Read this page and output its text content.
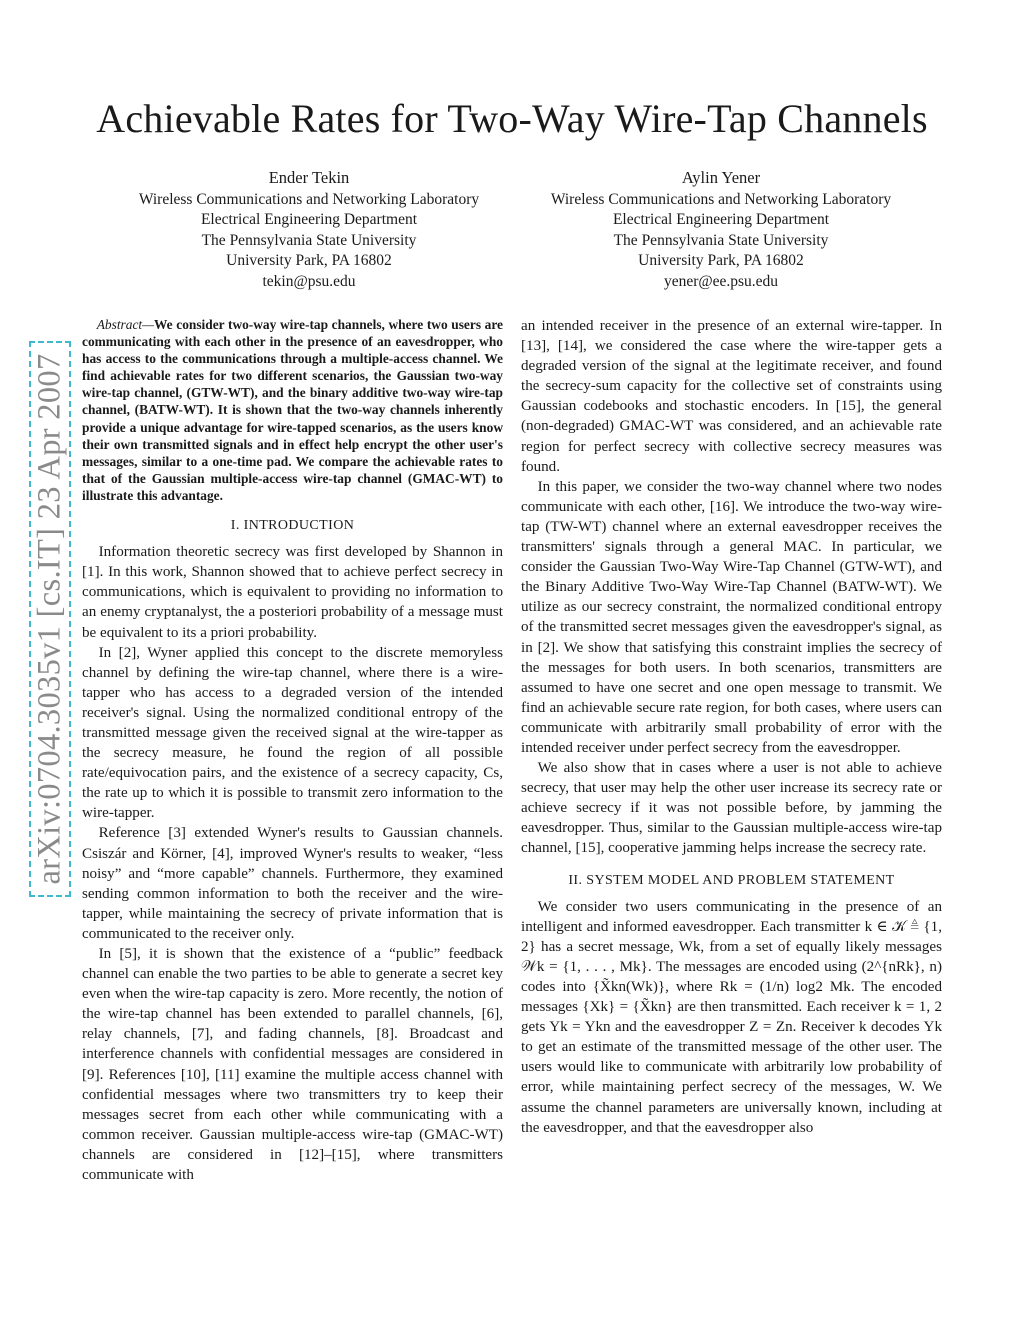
Achievable Rates for Two-Way Wire-Tap Channels
Ender Tekin
Wireless Communications and Networking Laboratory
Electrical Engineering Department
The Pennsylvania State University
University Park, PA 16802
tekin@psu.edu
Aylin Yener
Wireless Communications and Networking Laboratory
Electrical Engineering Department
The Pennsylvania State University
University Park, PA 16802
yener@ee.psu.edu
arXiv:0704.3035v1 [cs.IT] 23 Apr 2007

Abstract—We consider two-way wire-tap channels, where two users are communicating with each other in the presence of an eavesdropper, who has access to the communications through a multiple-access channel. We find achievable rates for two different scenarios, the Gaussian two-way wire-tap channel, (GTW-WT), and the binary additive two-way wire-tap channel, (BATW-WT). It is shown that the two-way channels inherently provide a unique advantage for wire-tapped scenarios, as the users know their own transmitted signals and in effect help encrypt the other user's messages, similar to a one-time pad. We compare the achievable rates to that of the Gaussian multiple-access wire-tap channel (GMAC-WT) to illustrate this advantage.

I. INTRODUCTION

Information theoretic secrecy was first developed by Shannon in [1]. In this work, Shannon showed that to achieve perfect secrecy in communications, which is equivalent to providing no information to an enemy cryptanalyst, the a posteriori probability of a message must be equivalent to its a priori probability.

In [2], Wyner applied this concept to the discrete memoryless channel by defining the wire-tap channel, where there is a wire-tapper who has access to a degraded version of the intended receiver's signal. Using the normalized conditional entropy of the transmitted message given the received signal at the wire-tapper as the secrecy measure, he found the region of all possible rate/equivocation pairs, and the existence of a secrecy capacity, Cs, the rate up to which it is possible to transmit zero information to the wire-tapper.

Reference [3] extended Wyner's results to Gaussian channels. Csiszár and Körner, [4], improved Wyner's results to weaker, “less noisy” and “more capable” channels. Furthermore, they examined sending common information to both the receiver and the wire-tapper, while maintaining the secrecy of private information that is communicated to the receiver only.

In [5], it is shown that the existence of a “public” feedback channel can enable the two parties to be able to generate a secret key even when the wire-tap capacity is zero. More recently, the notion of the wire-tap channel has been extended to parallel channels, [6], relay channels, [7], and fading channels, [8]. Broadcast and interference channels with confidential messages are considered in [9]. References [10], [11] examine the multiple access channel with confidential messages where two transmitters try to keep their messages secret from each other while communicating with a common receiver. Gaussian multiple-access wire-tap (GMAC-WT) channels are considered in [12]–[15], where transmitters communicate with

an intended receiver in the presence of an external wire-tapper. In [13], [14], we considered the case where the wire-tapper gets a degraded version of the signal at the legitimate receiver, and found the secrecy-sum capacity for the collective set of constraints using Gaussian codebooks and stochastic encoders. In [15], the general (non-degraded) GMAC-WT was considered, and an achievable rate region for perfect secrecy with collective secrecy measures was found.

In this paper, we consider the two-way channel where two nodes communicate with each other, [16]. We introduce the two-way wire-tap (TW-WT) channel where an external eavesdropper receives the transmitters' signals through a general MAC. In particular, we consider the Gaussian Two-Way Wire-Tap Channel (GTW-WT), and the Binary Additive Two-Way Wire-Tap Channel (BATW-WT). We utilize as our secrecy constraint, the normalized conditional entropy of the transmitted secret messages given the eavesdropper's signal, as in [2]. We show that satisfying this constraint implies the secrecy of the messages for both users. In both scenarios, transmitters are assumed to have one secret and one open message to transmit. We find an achievable secure rate region, for both cases, where users can communicate with arbitrarily small probability of error with the intended receiver under perfect secrecy from the eavesdropper.

We also show that in cases where a user is not able to achieve secrecy, that user may help the other user increase its secrecy rate or achieve secrecy if it was not possible before, by jamming the eavesdropper. Thus, similar to the Gaussian multiple-access wire-tap channel, [15], cooperative jamming helps increase the secrecy rate.

II. SYSTEM MODEL AND PROBLEM STATEMENT

We consider two users communicating in the presence of an intelligent and informed eavesdropper. Each transmitter k ∈ 𝒦 ≜ {1, 2} has a secret message, Wk, from a set of equally likely messages 𝒲k = {1, . . . , Mk}. The messages are encoded using (2^{nRk}, n) codes into {X̃kn(Wk)}, where Rk = (1/n) log2 Mk. The encoded messages {Xk} = {X̃kn} are then transmitted. Each receiver k = 1, 2 gets Yk = Ykn and the eavesdropper Z = Zn. Receiver k decodes Yk to get an estimate of the transmitted message of the other user. The users would like to communicate with arbitrarily low probability of error, while maintaining perfect secrecy of the messages, W. We assume the channel parameters are universally known, including at the eavesdropper, and that the eavesdropper also
